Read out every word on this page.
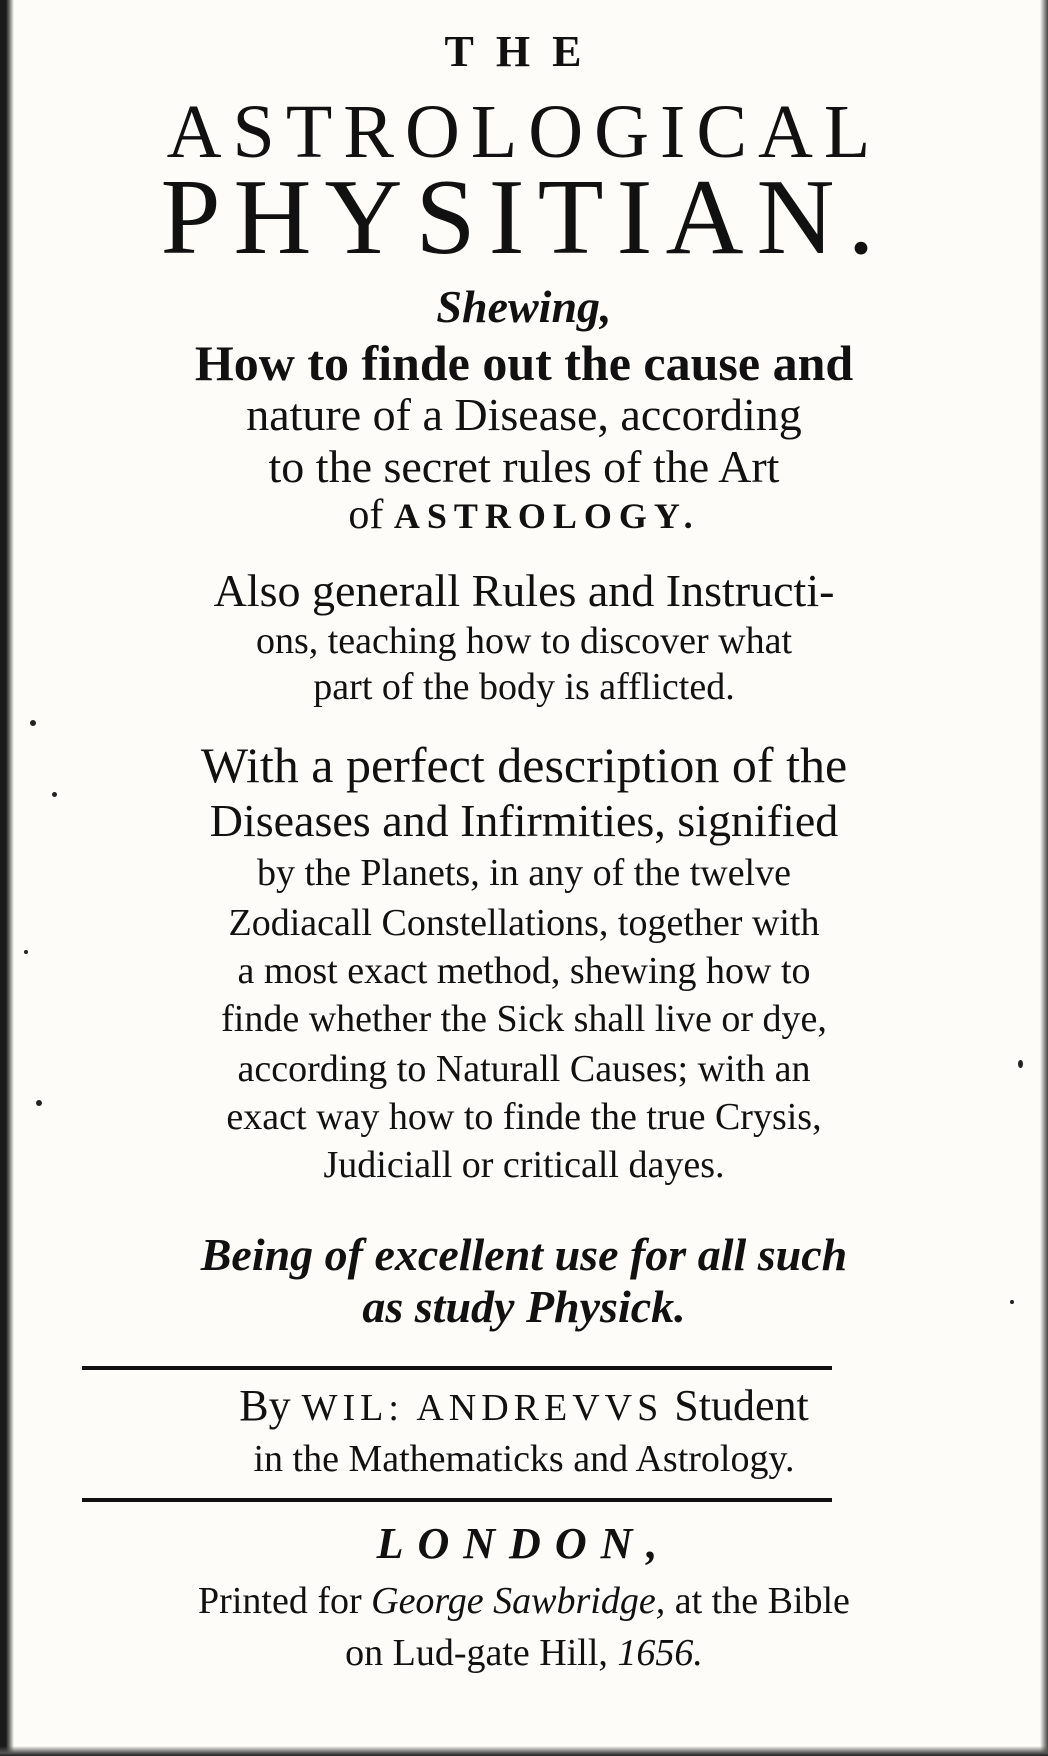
THE
ASTROLOGICAL
PHYSITIAN.
Shewing,
How to finde out the cause and
nature of a Disease, according
to the secret rules of the Art
of ASTROLOGY.
Also generall Rules and Instructi-
ons, teaching how to discover what
part of the body is afflicted.
With a perfect description of the
Diseases and Infirmities, signified
by the Planets, in any of the twelve
Zodiacall Constellations, together with
a most exact method, shewing how to
finde whether the Sick shall live or dye,
according to Naturall Causes; with an
exact way how to finde the true Crysis,
Judiciall or criticall dayes.
Being of excellent use for all such
as study Physick.
By WIL: ANDREVVS Student
in the Mathematicks and Astrology.
LONDON,
Printed for George Sawbridge, at the Bible
on Lud-gate Hill, 1656.
